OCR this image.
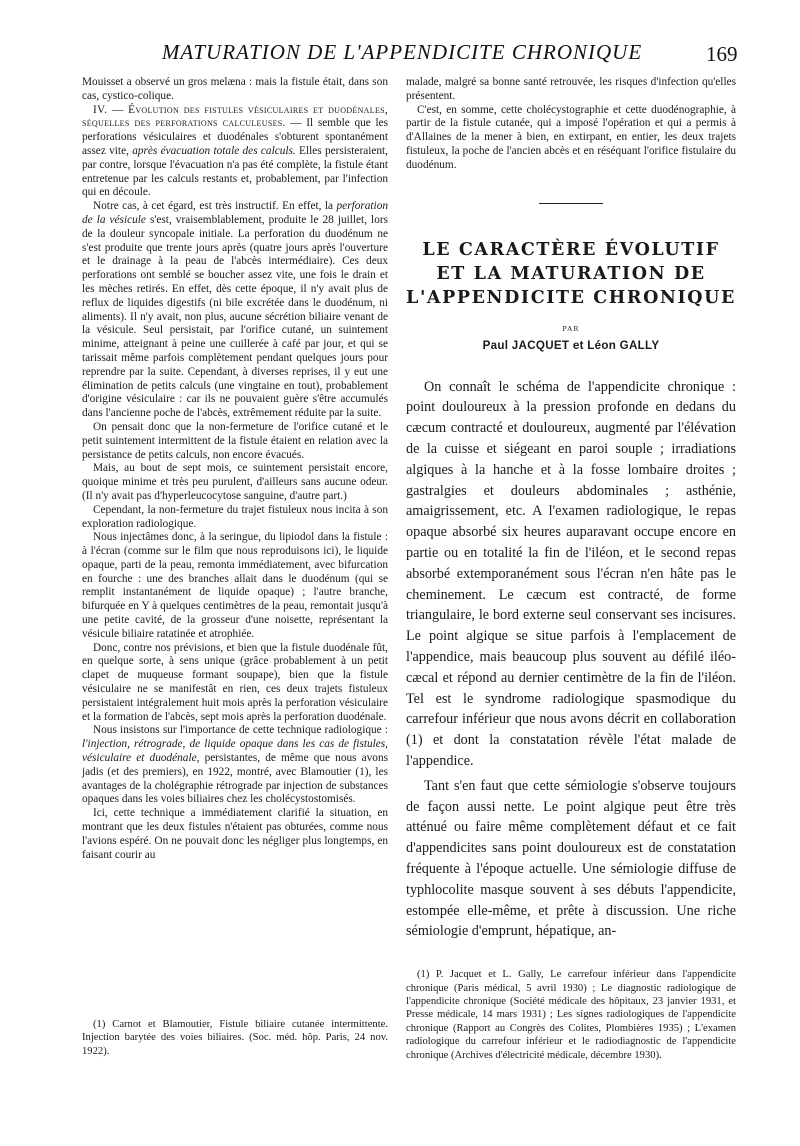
MATURATION DE L'APPENDICITE CHRONIQUE	169

Mouisset a observé un gros melæna : mais la fistule était, dans son cas, cystico-colique.

IV. — Évolution des fistules vésiculaires et duodénales, séquelles des perforations calculeuses. — Il semble que les perforations vésiculaires et duodénales s'obturent spontanément assez vite, après évacuation totale des calculs. Elles persisteraient, par contre, lorsque l'évacuation n'a pas été complète, la fistule étant entretenue par les calculs restants et, probablement, par l'infection qui en découle.

Notre cas, à cet égard, est très instructif. En effet, la perforation de la vésicule s'est, vraisemblablement, produite le 28 juillet, lors de la douleur syncopale initiale. La perforation du duodénum ne s'est produite que trente jours après (quatre jours après l'ouverture et le drainage à la peau de l'abcès intermédiaire). Ces deux perforations ont semblé se boucher assez vite, une fois le drain et les mèches retirés. En effet, dès cette époque, il n'y avait plus de reflux de liquides digestifs (ni bile excrétée dans le duodénum, ni aliments). Il n'y avait, non plus, aucune sécrétion biliaire venant de la vésicule. Seul persistait, par l'orifice cutané, un suintement minime, atteignant à peine une cuillerée à café par jour, et qui se tarissait même parfois complètement pendant quelques jours pour reprendre par la suite. Cependant, à diverses reprises, il y eut une élimination de petits calculs (une vingtaine en tout), probablement d'origine vésiculaire : car ils ne pouvaient guère s'être accumulés dans l'ancienne poche de l'abcès, extrêmement réduite par la suite.

On pensait donc que la non-fermeture de l'orifice cutané et le petit suintement intermittent de la fistule étaient en relation avec la persistance de petits calculs, non encore évacués.

Mais, au bout de sept mois, ce suintement persistait encore, quoique minime et très peu purulent, d'ailleurs sans aucune odeur. (Il n'y avait pas d'hyperleucocytose sanguine, d'autre part.)

Cependant, la non-fermeture du trajet fistuleux nous incita à son exploration radiologique.

Nous injectâmes donc, à la seringue, du lipiodol dans la fistule : à l'écran (comme sur le film que nous reproduisons ici), le liquide opaque, parti de la peau, remonta immédiatement, avec bifurcation en fourche : une des branches allait dans le duodénum (qui se remplit instantanément de liquide opaque) ; l'autre branche, bifurquée en Y à quelques centimètres de la peau, remontait jusqu'à une petite cavité, de la grosseur d'une noisette, représentant la vésicule biliaire ratatinée et atrophiée.

Donc, contre nos prévisions, et bien que la fistule duodénale fût, en quelque sorte, à sens unique (grâce probablement à un petit clapet de muqueuse formant soupape), bien que la fistule vésiculaire ne se manifestât en rien, ces deux trajets fistuleux persistaient intégralement huit mois après la perforation vésiculaire et la formation de l'abcès, sept mois après la perforation duodénale.

Nous insistons sur l'importance de cette technique radiologique : l'injection, rétrograde, de liquide opaque dans les cas de fistules, vésiculaire et duodénale, persistantes, de même que nous avons jadis (et des premiers), en 1922, montré, avec Blamoutier (1), les avantages de la cholégraphie rétrograde par injection de substances opaques dans les voies biliaires chez les cholécystostomisés.

Ici, cette technique a immédiatement clarifié la situation, en montrant que les deux fistules n'étaient pas obturées, comme nous l'avions espéré. On ne pouvait donc les négliger plus longtemps, en faisant courir au

(1) Carnot et Blamoutier, Fistule biliaire cutanée intermittente. Injection barytée des voies biliaires. (Soc. méd. hôp. Paris, 24 nov. 1922).

malade, malgré sa bonne santé retrouvée, les risques d'infection qu'elles présentent.

C'est, en somme, cette cholécystographie et cette duodénographie, à partir de la fistule cutanée, qui a imposé l'opération et qui a permis à d'Allaines de la mener à bien, en extirpant, en entier, les deux trajets fistuleux, la poche de l'ancien abcès et en réséquant l'orifice fistulaire du duodénum.

LE CARACTÈRE ÉVOLUTIF
ET LA MATURATION DE
L'APPENDICITE CHRONIQUE
PAR
Paul JACQUET et Léon GALLY

On connaît le schéma de l'appendicite chronique : point douloureux à la pression profonde en dedans du cæcum contracté et douloureux, augmenté par l'élévation de la cuisse et siégeant en paroi souple ; irradiations algiques à la hanche et à la fosse lombaire droites ; gastralgies et douleurs abdominales ; asthénie, amaigrissement, etc. A l'examen radiologique, le repas opaque absorbé six heures auparavant occupe encore en partie ou en totalité la fin de l'iléon, et le second repas absorbé extemporanément sous l'écran n'en hâte pas le cheminement. Le cæcum est contracté, de forme triangulaire, le bord externe seul conservant ses incisures. Le point algique se situe parfois à l'emplacement de l'appendice, mais beaucoup plus souvent au défilé iléo-cæcal et répond au dernier centimètre de la fin de l'iléon. Tel est le syndrome radiologique spasmodique du carrefour inférieur que nous avons décrit en collaboration (1) et dont la constatation révèle l'état malade de l'appendice.

Tant s'en faut que cette sémiologie s'observe toujours de façon aussi nette. Le point algique peut être très atténué ou faire même complètement défaut et ce fait d'appendicites sans point douloureux est de constatation fréquente à l'époque actuelle. Une sémiologie diffuse de typhlocolite masque souvent à ses débuts l'appendicite, estompée elle-même, et prête à discussion. Une riche sémiologie d'emprunt, hépatique, an-

(1) P. Jacquet et L. Gally, Le carrefour inférieur dans l'appendicite chronique (Paris médical, 5 avril 1930) ; Le diagnostic radiologique de l'appendicite chronique (Société médicale des hôpitaux, 23 janvier 1931, et Presse médicale, 14 mars 1931) ; Les signes radiologiques de l'appendicite chronique (Rapport au Congrès des Colites, Plombières 1935) ; L'examen radiologique du carrefour inférieur et le radiodiagnostic de l'appendicite chronique (Archives d'électricité médicale, décembre 1930).
